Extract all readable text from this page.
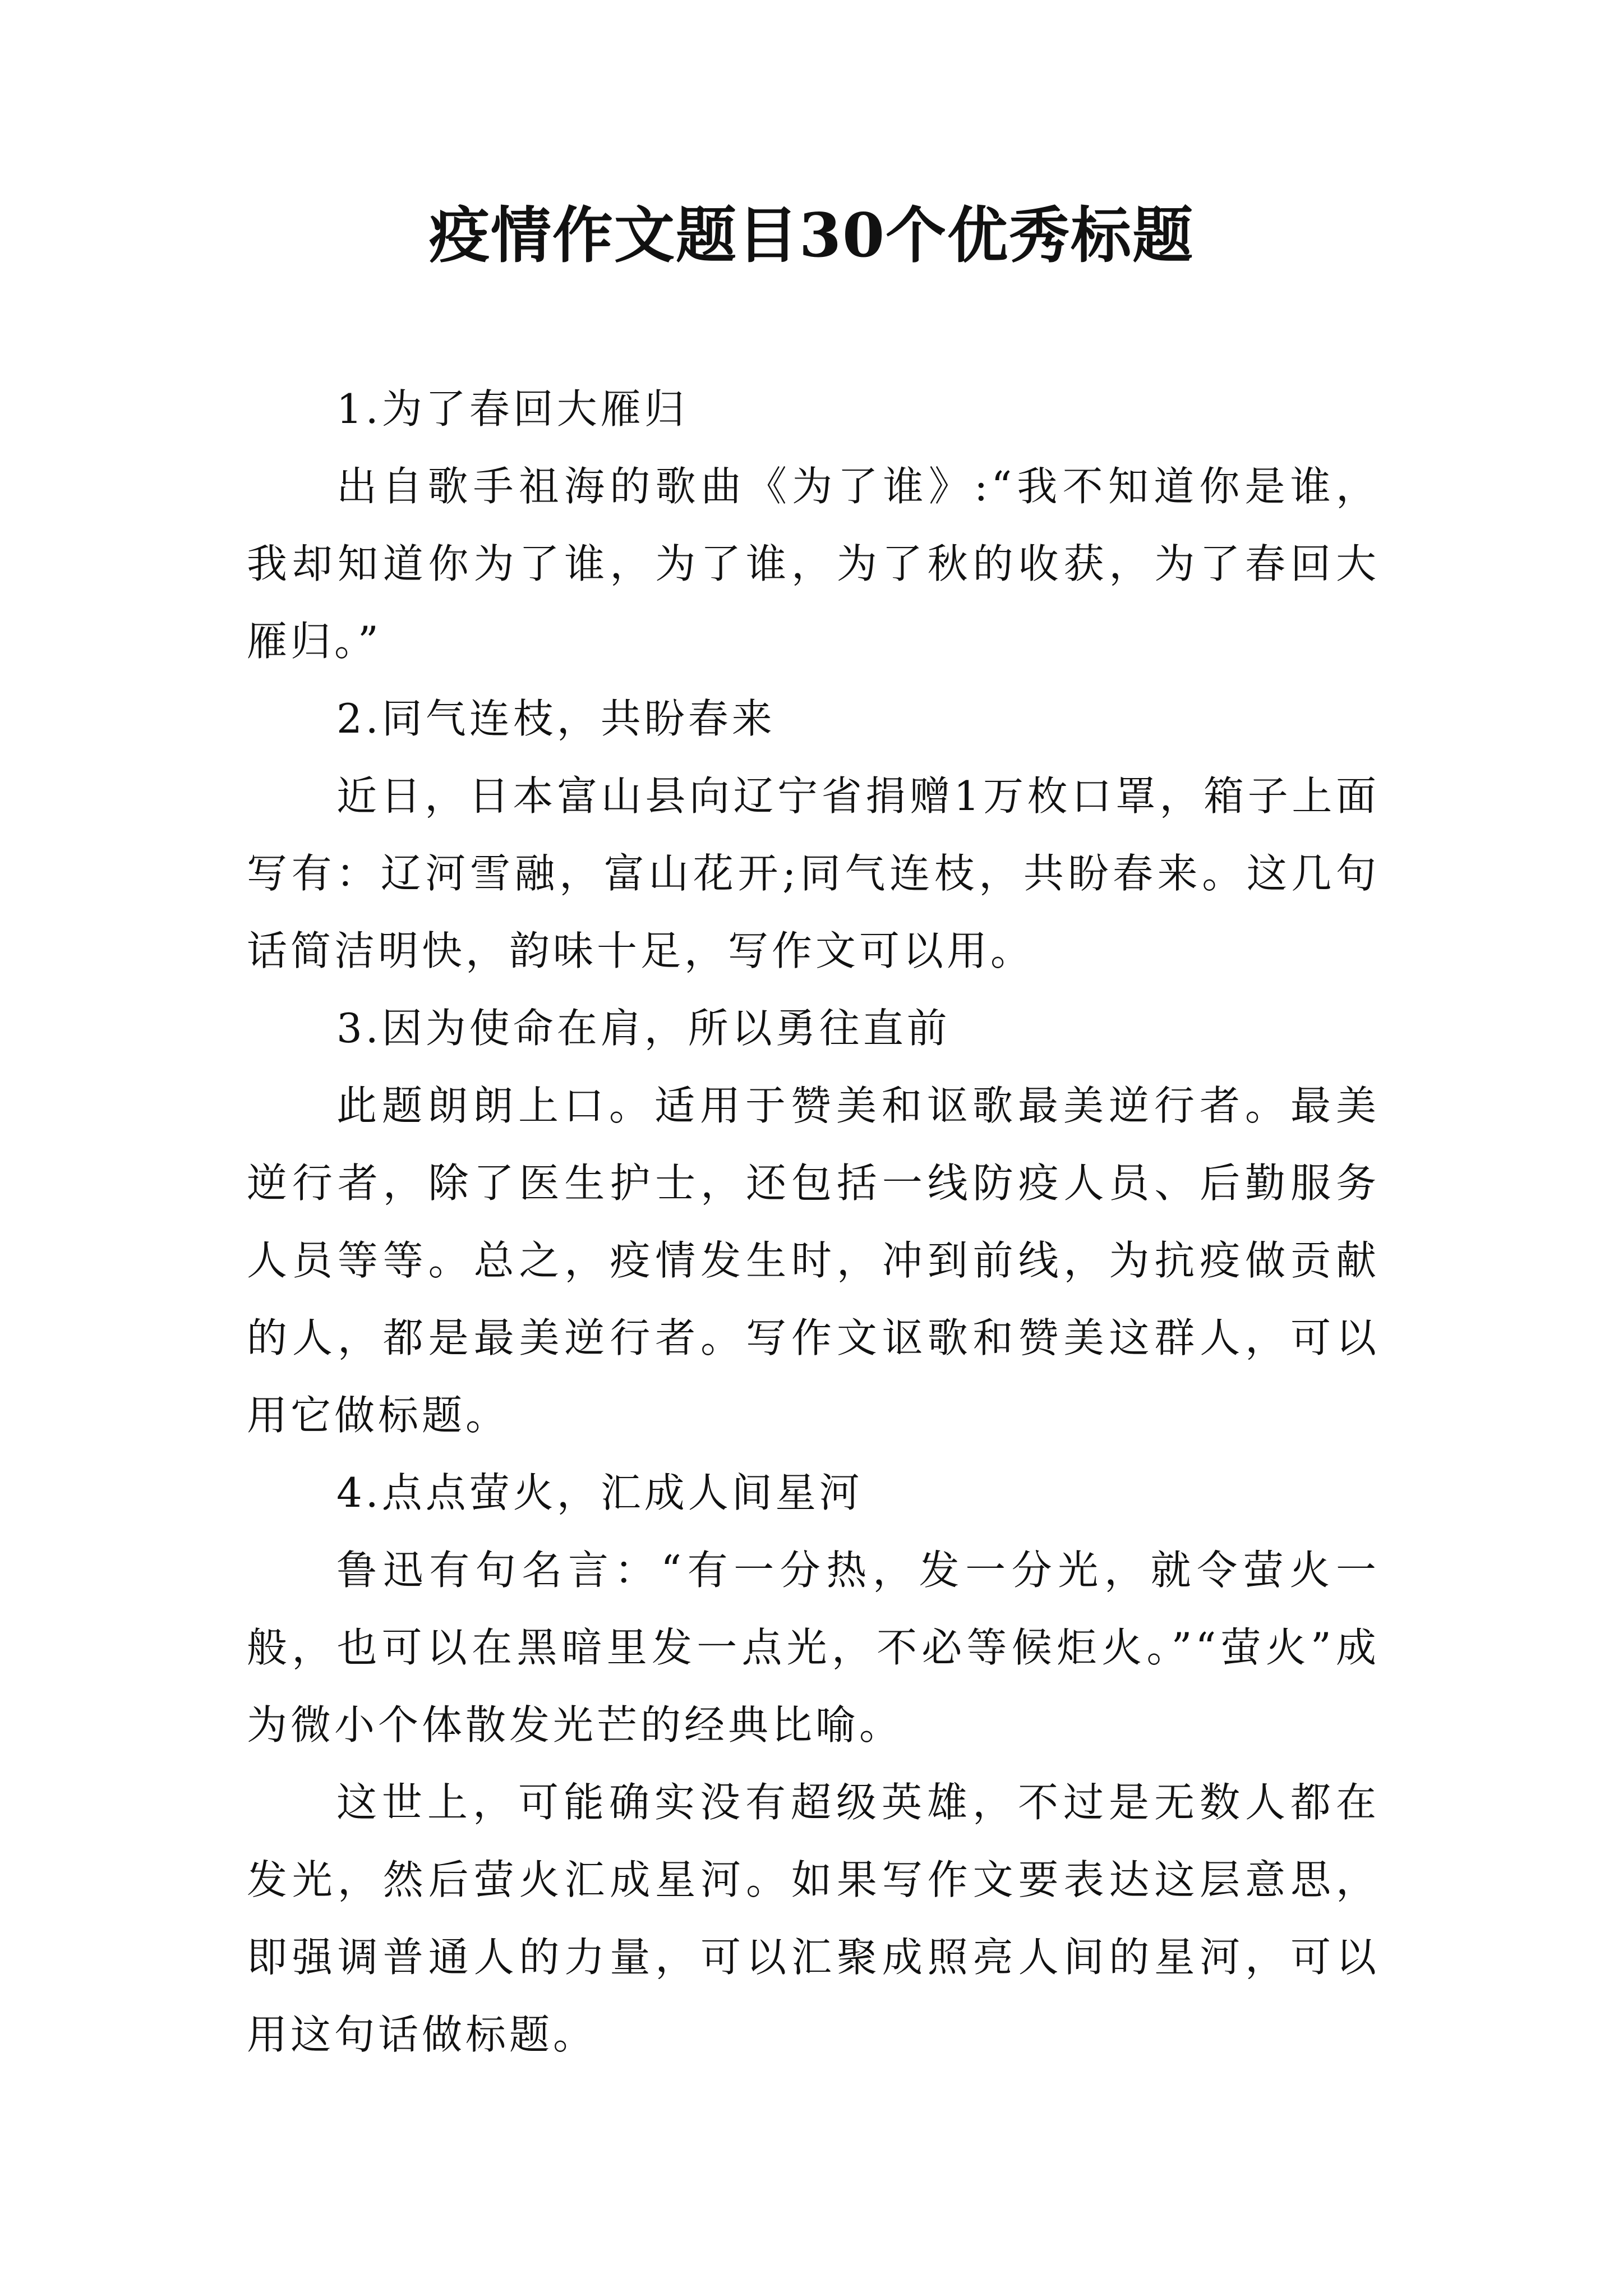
疫情作文题目30个优秀标题

1.为了春回大雁归

出自歌手祖海的歌曲《为了谁》:“我不知道你是谁，我却知道你为了谁，为了谁，为了秋的收获，为了春回大雁归。”

2.同气连枝，共盼春来

近日，日本富山县向辽宁省捐赠1万枚口罩，箱子上面写有：辽河雪融，富山花开;同气连枝，共盼春来。这几句话简洁明快，韵味十足，写作文可以用。

3.因为使命在肩，所以勇往直前

此题朗朗上口。适用于赞美和讴歌最美逆行者。最美逆行者，除了医生护士，还包括一线防疫人员、后勤服务人员等等。总之，疫情发生时，冲到前线，为抗疫做贡献的人，都是最美逆行者。写作文讴歌和赞美这群人，可以用它做标题。

4.点点萤火，汇成人间星河

鲁迅有句名言：“有一分热，发一分光，就令萤火一般，也可以在黑暗里发一点光，不必等候炬火。”“萤火”成为微小个体散发光芒的经典比喻。

这世上，可能确实没有超级英雄，不过是无数人都在发光，然后萤火汇成星河。如果写作文要表达这层意思，即强调普通人的力量，可以汇聚成照亮人间的星河，可以用这句话做标题。
